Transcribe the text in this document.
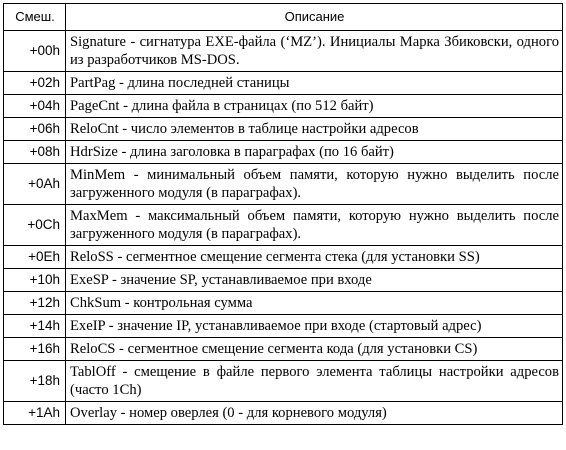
Смеш.	Описание
+00h	Signature - сигнатура EXE-файла (‘MZ’). Инициалы Марка Збиковски, одного из разработчиков MS-DOS.
+02h	PartPag - длина последней станицы
+04h	PageCnt - длина файла в страницах (по 512 байт)
+06h	ReloCnt - число элементов в таблице настройки адресов
+08h	HdrSize - длина заголовка в параграфах (по 16 байт)
+0Ah	MinMem - минимальный объем памяти, которую нужно выделить после загруженного модуля (в параграфах).
+0Ch	MaxMem - максимальный объем памяти, которую нужно выделить после загруженного модуля (в параграфах).
+0Eh	ReloSS - сегментное смещение сегмента стека (для установки SS)
+10h	ExeSP - значение SP, устанавливаемое при входе
+12h	ChkSum - контрольная сумма
+14h	ExeIP - значение IP, устанавливаемое при входе (стартовый адрес)
+16h	ReloCS - сегментное смещение сегмента кода (для установки CS)
+18h	TablOff - смещение в файле первого элемента таблицы настройки адресов (часто 1Ch)
+1Ah	Overlay - номер оверлея (0 - для корневого модуля)
